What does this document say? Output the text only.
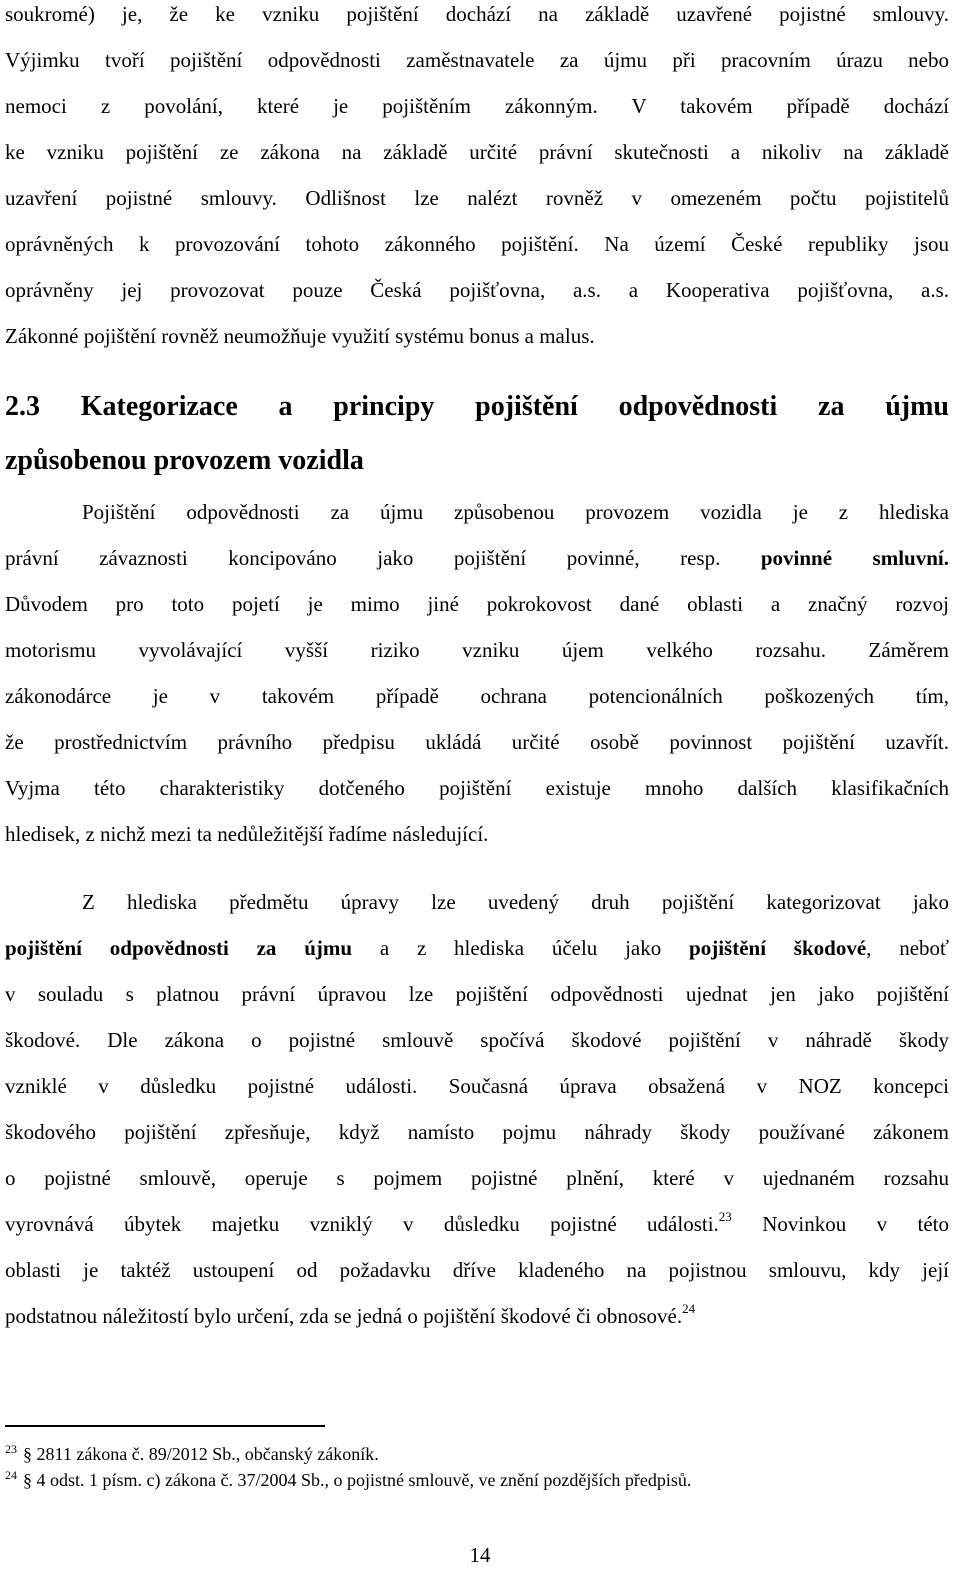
soukromé) je, že ke vzniku pojištění dochází na základě uzavřené pojistné smlouvy.
Výjimku tvoří pojištění odpovědnosti zaměstnavatele za újmu při pracovním úrazu nebo
nemoci z povolání, které je pojištěním zákonným. V takovém případě dochází
ke vzniku pojištění ze zákona na základě určité právní skutečnosti a nikoliv na základě
uzavření pojistné smlouvy. Odlišnost lze nalézt rovněž v omezeném počtu pojistitelů
oprávněných k provozování tohoto zákonného pojištění. Na území České republiky jsou
oprávněny jej provozovat pouze Česká pojišťovna, a.s. a Kooperativa pojišťovna, a.s.
Zákonné pojištění rovněž neumožňuje využití systému bonus a malus.
2.3 Kategorizace a principy pojištění odpovědnosti za újmu
způsobenou provozem vozidla
Pojištění odpovědnosti za újmu způsobenou provozem vozidla je z hlediska
právní závaznosti koncipováno jako pojištění povinné, resp. povinné smluvní.
Důvodem pro toto pojetí je mimo jiné pokrokovost dané oblasti a značný rozvoj
motorismu vyvolávající vyšší riziko vzniku újem velkého rozsahu. Záměrem
zákonodárce je v takovém případě ochrana potencionálních poškozených tím,
že prostřednictvím právního předpisu ukládá určité osobě povinnost pojištění uzavřít.
Vyjma této charakteristiky dotčeného pojištění existuje mnoho dalších klasifikačních
hledisek, z nichž mezi ta nedůležitější řadíme následující.
Z hlediska předmětu úpravy lze uvedený druh pojištění kategorizovat jako
pojištění odpovědnosti za újmu a z hlediska účelu jako pojištění škodové, neboť
v souladu s platnou právní úpravou lze pojištění odpovědnosti ujednat jen jako pojištění
škodové. Dle zákona o pojistné smlouvě spočívá škodové pojištění v náhradě škody
vzniklé v důsledku pojistné události. Současná úprava obsažená v NOZ koncepci
škodového pojištění zpřesňuje, když namísto pojmu náhrady škody používané zákonem
o pojistné smlouvě, operuje s pojmem pojistné plnění, které v ujednaném rozsahu
vyrovnává úbytek majetku vzniklý v důsledku pojistné události.$^{23}$ Novinkou v této
oblasti je taktéž ustoupení od požadavku dříve kladeného na pojistnou smlouvu, kdy její
podstatnou náležitostí bylo určení, zda se jedná o pojištění škodové či obnosové.$^{24}$
$^{23}$ § 2811 zákona č. 89/2012 Sb., občanský zákoník.
$^{24}$ § 4 odst. 1 písm. c) zákona č. 37/2004 Sb., o pojistné smlouvě, ve znění pozdějších předpisů.
14
